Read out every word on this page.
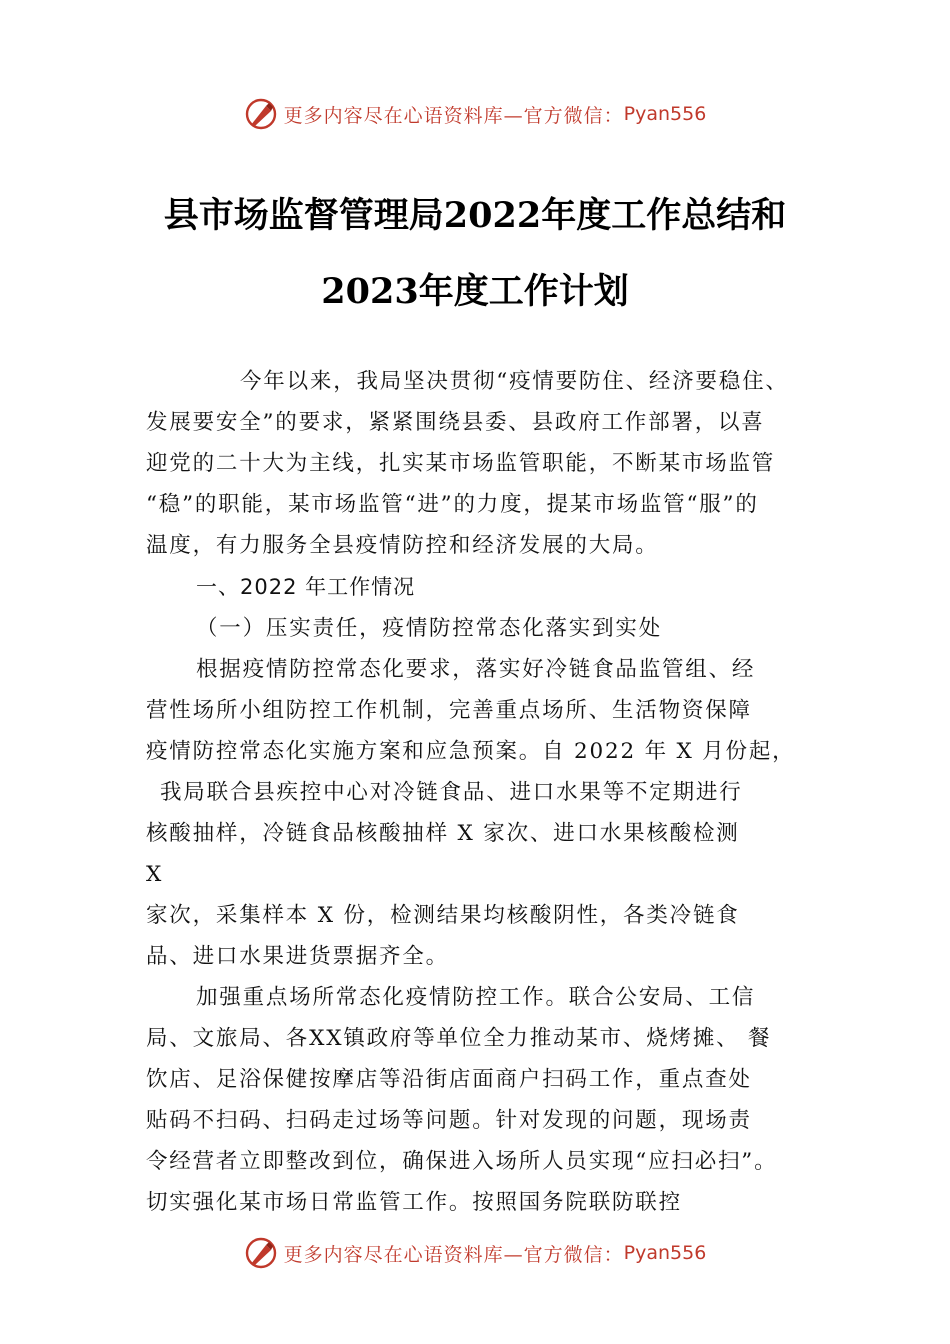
更多内容尽在心语资料库—官方微信： Pyan556
县市场监督管理局2022年度工作总结和
2023年度工作计划
今年以来，我局坚决贯彻“疫情要防住、经济要稳住、
发展要安全”的要求，紧紧围绕县委、县政府工作部署，以喜
迎党的二十大为主线，扎实某市场监管职能，不断某市场监管
“稳”的职能，某市场监管“进”的力度，提某市场监管“服”的
温度，有力服务全县疫情防控和经济发展的大局。
一、2022 年工作情况
（一）压实责任，疫情防控常态化落实到实处
根据疫情防控常态化要求，落实好冷链食品监管组、经
营性场所小组防控工作机制，完善重点场所、生活物资保障
疫情防控常态化实施方案和应急预案。自 2022 年 X 月份起，
我局联合县疾控中心对冷链食品、进口水果等不定期进行
核酸抽样，冷链食品核酸抽样 X 家次、进口水果核酸检测
X
家次，采集样本 X 份，检测结果均核酸阴性，各类冷链食
品、进口水果进货票据齐全。
加强重点场所常态化疫情防控工作。联合公安局、工信
局、文旅局、各XX镇政府等单位全力推动某市、烧烤摊、 餐
饮店、足浴保健按摩店等沿街店面商户扫码工作，重点查处
贴码不扫码、扫码走过场等问题。针对发现的问题，现场责
令经营者立即整改到位，确保进入场所人员实现“应扫必扫”。
切实强化某市场日常监管工作。按照国务院联防联控
更多内容尽在心语资料库—官方微信： Pyan556
